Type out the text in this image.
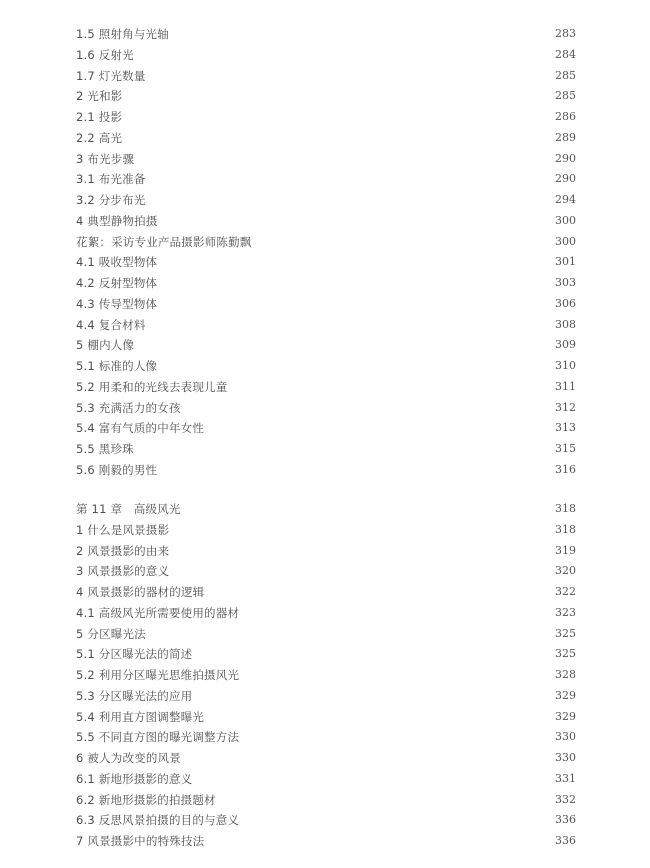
1.5 照射角与光轴	283
1.6 反射光	284
1.7 灯光数量	285
2 光和影	285
2.1 投影	286
2.2 高光	289
3 布光步骤	290
3.1 布光准备	290
3.2 分步布光	294
4 典型静物拍摄	300
花絮：采访专业产品摄影师陈勤飘	300
4.1 吸收型物体	301
4.2 反射型物体	303
4.3 传导型物体	306
4.4 复合材料	308
5 棚内人像	309
5.1 标准的人像	310
5.2 用柔和的光线去表现儿童	311
5.3 充满活力的女孩	312
5.4 富有气质的中年女性	313
5.5 黑珍珠	315
5.6 刚毅的男性	316
第 11 章　高级风光	318
1 什么是风景摄影	318
2 风景摄影的由来	319
3 风景摄影的意义	320
4 风景摄影的器材的逻辑	322
4.1 高级风光所需要使用的器材	323
5 分区曝光法	325
5.1 分区曝光法的简述	325
5.2 利用分区曝光思维拍摄风光	328
5.3 分区曝光法的应用	329
5.4 利用直方图调整曝光	329
5.5 不同直方图的曝光调整方法	330
6 被人为改变的风景	330
6.1 新地形摄影的意义	331
6.2 新地形摄影的拍摄题材	332
6.3 反思风景拍摄的目的与意义	336
7 风景摄影中的特殊技法	336
